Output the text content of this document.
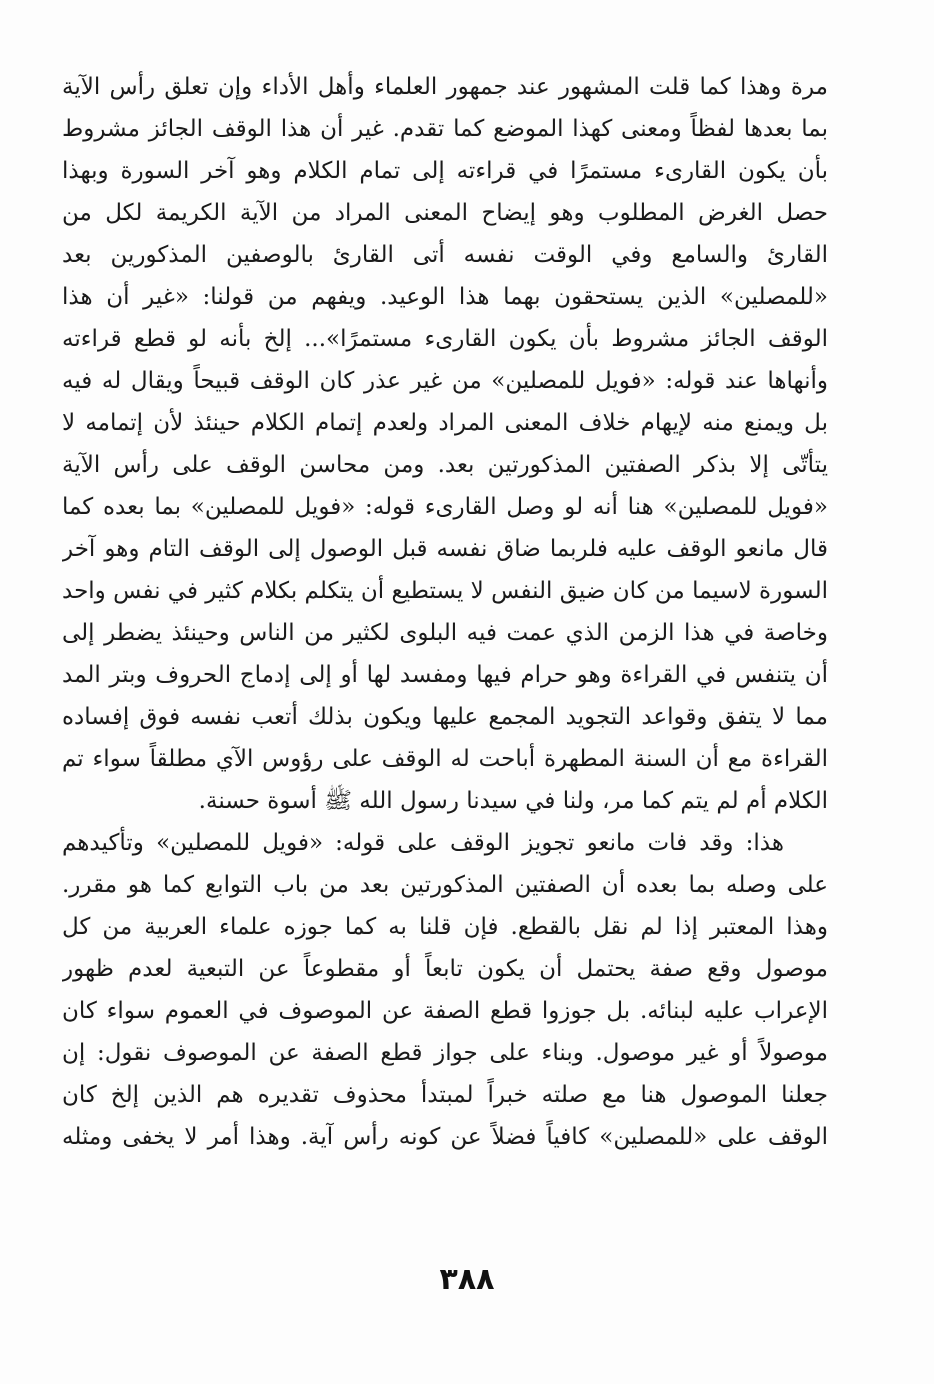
مرة وهذا كما قلت المشهور عند جمهور العلماء وأهل الأداء وإن تعلق رأس الآية
بما بعدها لفظاً ومعنى كهذا الموضع كما تقدم. غير أن هذا الوقف الجائز مشروط
بأن يكون القارىء مستمرًا في قراءته إلى تمام الكلام وهو آخر السورة وبهذا
حصل الغرض المطلوب وهو إيضاح المعنى المراد من الآية الكريمة لكل من
القارئ والسامع وفي الوقت نفسه أتى القارئ بالوصفين المذكورين بعد
«للمصلين» الذين يستحقون بهما هذا الوعيد. ويفهم من قولنا: «غير أن هذا
الوقف الجائز مشروط بأن يكون القارىء مستمرًا»... إلخ بأنه لو قطع قراءته
وأنهاها عند قوله: «فويل للمصلين» من غير عذر كان الوقف قبيحاً ويقال له فيه
بل ويمنع منه لإيهام خلاف المعنى المراد ولعدم إتمام الكلام حينئذ لأن إتمامه لا
يتأتّى إلا بذكر الصفتين المذكورتين بعد. ومن محاسن الوقف على رأس الآية
«فويل للمصلين» هنا أنه لو وصل القارىء قوله: «فويل للمصلين» بما بعده كما
قال مانعو الوقف عليه فلربما ضاق نفسه قبل الوصول إلى الوقف التام وهو آخر
السورة لاسيما من كان ضيق النفس لا يستطيع أن يتكلم بكلام كثير في نفس واحد
وخاصة في هذا الزمن الذي عمت فيه البلوى لكثير من الناس وحينئذ يضطر إلى
أن يتنفس في القراءة وهو حرام فيها ومفسد لها أو إلى إدماج الحروف وبتر المد
مما لا يتفق وقواعد التجويد المجمع عليها ويكون بذلك أتعب نفسه فوق إفساده
القراءة مع أن السنة المطهرة أباحت له الوقف على رؤوس الآي مطلقاً سواء تم
الكلام أم لم يتم كما مر، ولنا في سيدنا رسول الله ﷺ أسوة حسنة.
هذا: وقد فات مانعو تجويز الوقف على قوله: «فويل للمصلين» وتأكيدهم
على وصله بما بعده أن الصفتين المذكورتين بعد من باب التوابع كما هو مقرر.
وهذا المعتبر إذا لم نقل بالقطع. فإن قلنا به كما جوزه علماء العربية من كل
موصول وقع صفة يحتمل أن يكون تابعاً أو مقطوعاً عن التبعية لعدم ظهور
الإعراب عليه لبنائه. بل جوزوا قطع الصفة عن الموصوف في العموم سواء كان
موصولاً أو غير موصول. وبناء على جواز قطع الصفة عن الموصوف نقول: إن
جعلنا الموصول هنا مع صلته خبراً لمبتدأ محذوف تقديره هم الذين إلخ كان
الوقف على «للمصلين» كافياً فضلاً عن كونه رأس آية. وهذا أمر لا يخفى ومثله
٣٨٨
